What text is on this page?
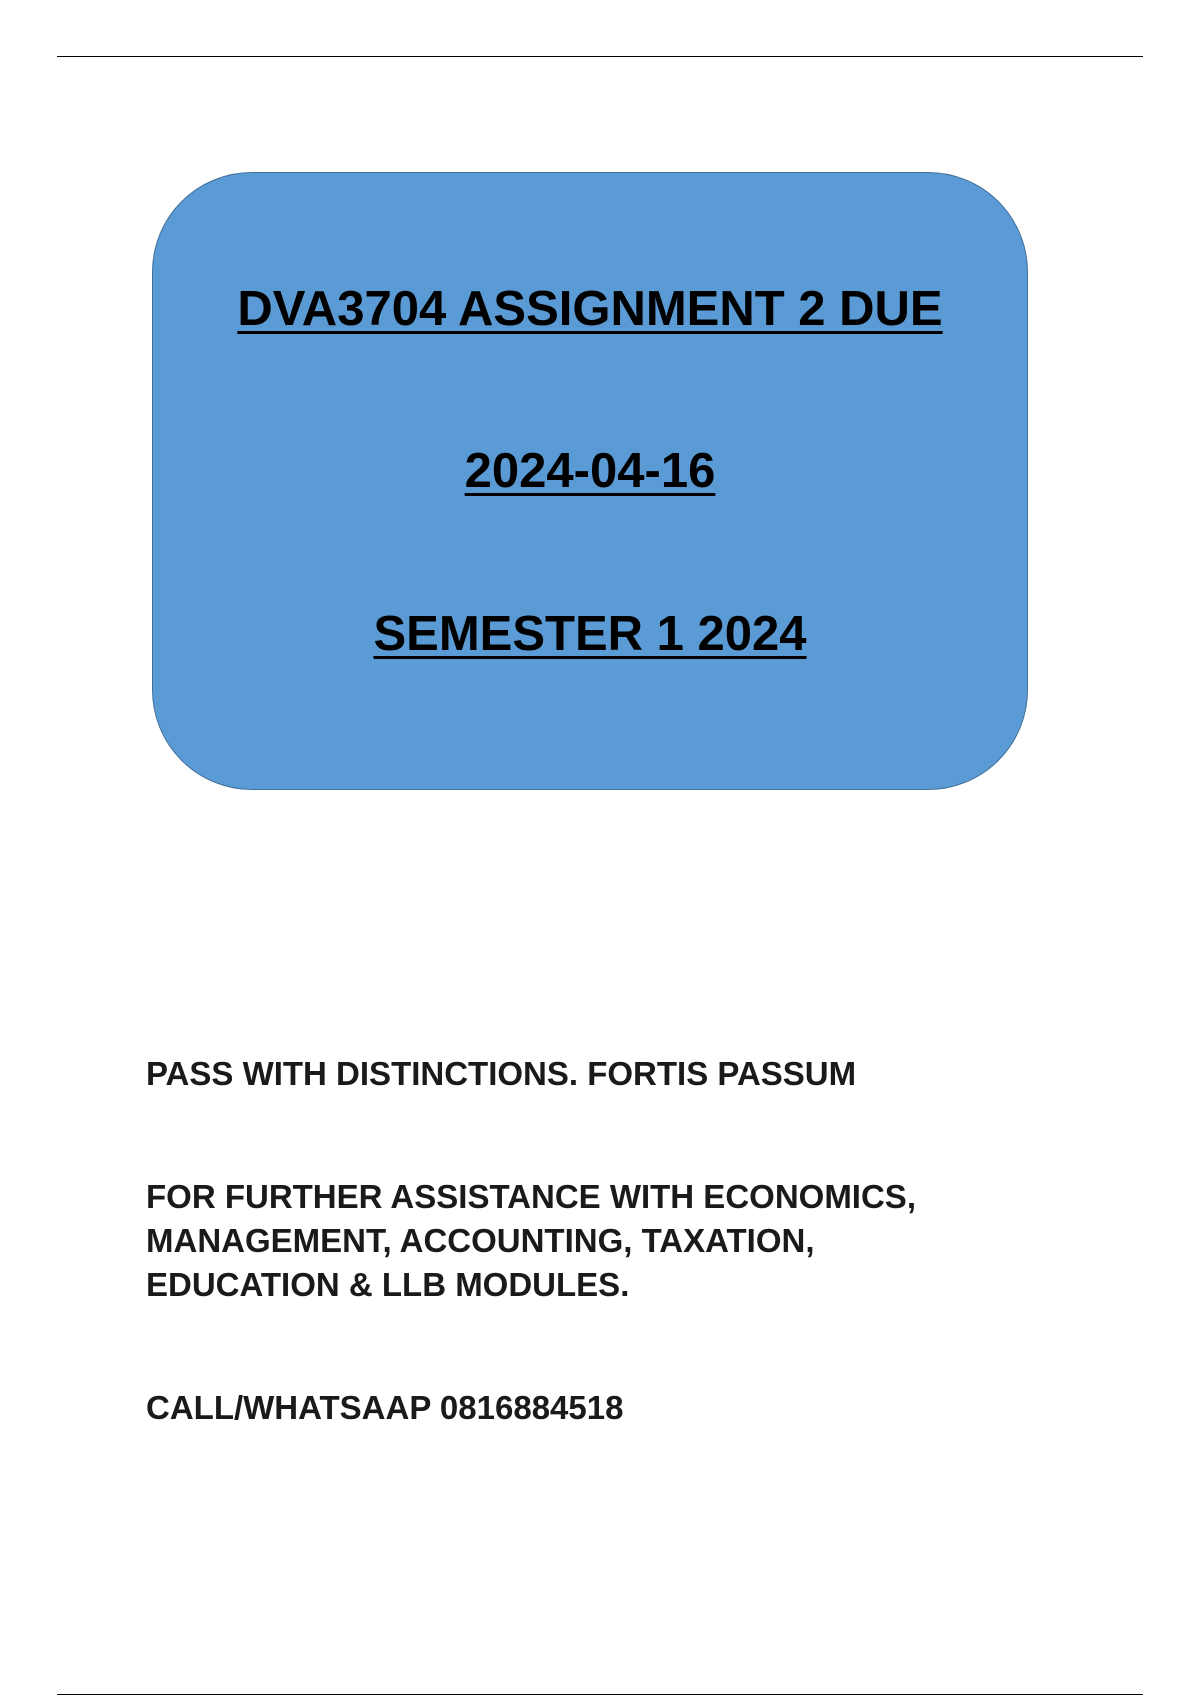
DVA3704 ASSIGNMENT 2 DUE
2024-04-16
SEMESTER 1 2024

PASS WITH DISTINCTIONS. FORTIS PASSUM

FOR FURTHER ASSISTANCE WITH ECONOMICS,
MANAGEMENT, ACCOUNTING, TAXATION,
EDUCATION & LLB MODULES.

CALL/WHATSAAP 0816884518
